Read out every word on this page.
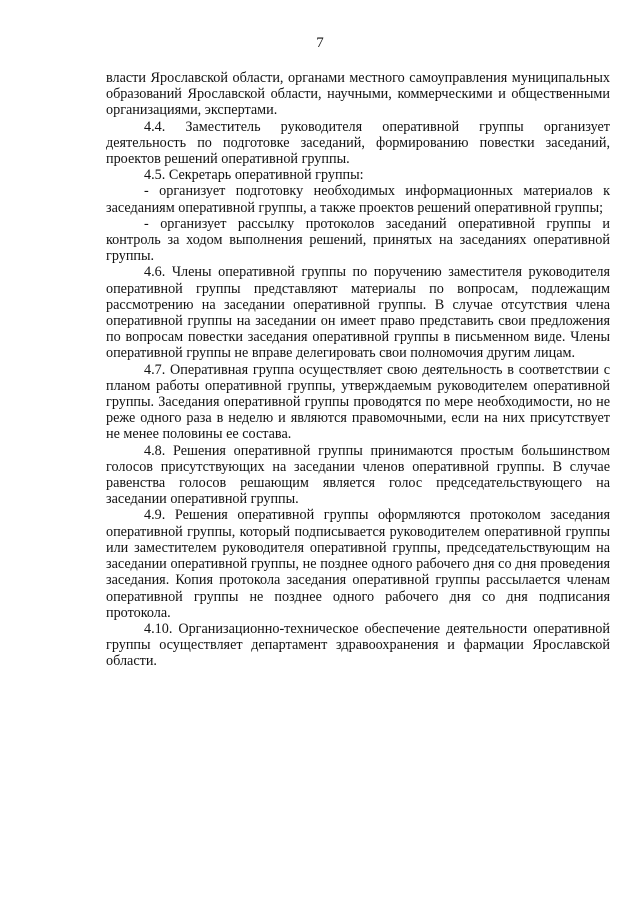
7

власти Ярославской области, органами местного самоуправления муниципальных образований Ярославской области, научными, коммерческими и общественными организациями, экспертами.

4.4. Заместитель руководителя оперативной группы организует деятельность по подготовке заседаний, формированию повестки заседаний, проектов решений оперативной группы.

4.5. Секретарь оперативной группы:

- организует подготовку необходимых информационных материалов к заседаниям оперативной группы, а также проектов решений оперативной группы;

- организует рассылку протоколов заседаний оперативной группы и контроль за ходом выполнения решений, принятых на заседаниях оперативной группы.

4.6. Члены оперативной группы по поручению заместителя руководителя оперативной группы представляют материалы по вопросам, подлежащим рассмотрению на заседании оперативной группы. В случае отсутствия члена оперативной группы на заседании он имеет право представить свои предложения по вопросам повестки заседания оперативной группы в письменном виде. Члены оперативной группы не вправе делегировать свои полномочия другим лицам.

4.7. Оперативная группа осуществляет свою деятельность в соответствии с планом работы оперативной группы, утверждаемым руководителем оперативной группы. Заседания оперативной группы проводятся по мере необходимости, но не реже одного раза в неделю и являются правомочными, если на них присутствует не менее половины ее состава.

4.8. Решения оперативной группы принимаются простым большинством голосов присутствующих на заседании членов оперативной группы. В случае равенства голосов решающим является голос председательствующего на заседании оперативной группы.

4.9. Решения оперативной группы оформляются протоколом заседания оперативной группы, который подписывается руководителем оперативной группы или заместителем руководителя оперативной группы, председательствующим на заседании оперативной группы, не позднее одного рабочего дня со дня проведения заседания. Копия протокола заседания оперативной группы рассылается членам оперативной группы не позднее одного рабочего дня со дня подписания протокола.

4.10. Организационно-техническое обеспечение деятельности оперативной группы осуществляет департамент здравоохранения и фармации Ярославской области.
